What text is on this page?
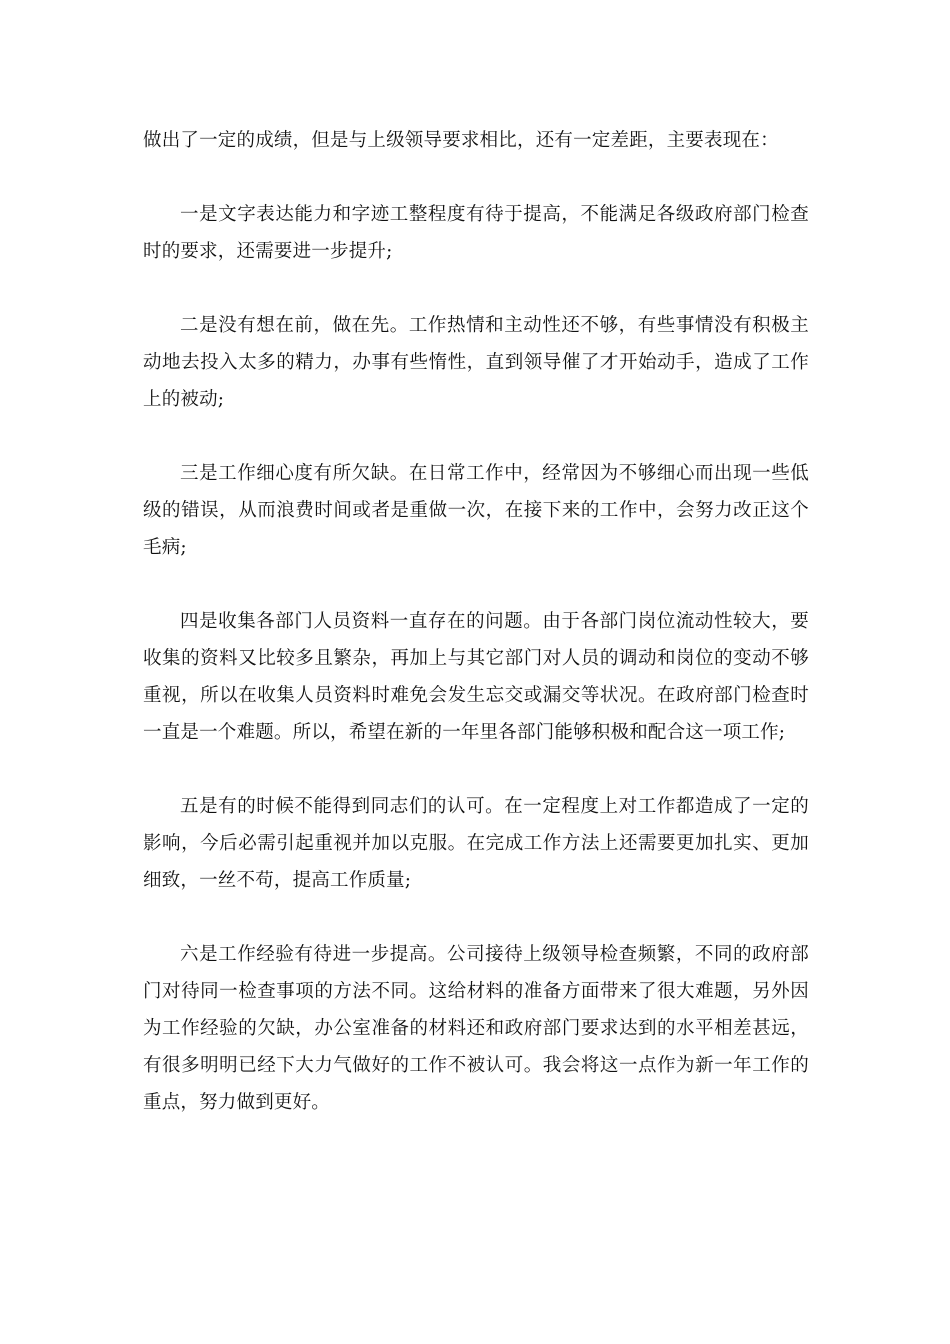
做出了一定的成绩，但是与上级领导要求相比，还有一定差距，主要表现在：

一是文字表达能力和字迹工整程度有待于提高，不能满足各级政府部门检查时的要求，还需要进一步提升;

二是没有想在前，做在先。工作热情和主动性还不够，有些事情没有积极主动地去投入太多的精力，办事有些惰性，直到领导催了才开始动手，造成了工作上的被动;

三是工作细心度有所欠缺。在日常工作中，经常因为不够细心而出现一些低级的错误，从而浪费时间或者是重做一次，在接下来的工作中，会努力改正这个毛病;

四是收集各部门人员资料一直存在的问题。由于各部门岗位流动性较大，要收集的资料又比较多且繁杂，再加上与其它部门对人员的调动和岗位的变动不够重视，所以在收集人员资料时难免会发生忘交或漏交等状况。在政府部门检查时一直是一个难题。所以，希望在新的一年里各部门能够积极和配合这一项工作;

五是有的时候不能得到同志们的认可。在一定程度上对工作都造成了一定的影响，今后必需引起重视并加以克服。在完成工作方法上还需要更加扎实、更加细致，一丝不苟，提高工作质量;

六是工作经验有待进一步提高。公司接待上级领导检查频繁，不同的政府部门对待同一检查事项的方法不同。这给材料的准备方面带来了很大难题，另外因为工作经验的欠缺，办公室准备的材料还和政府部门要求达到的水平相差甚远，有很多明明已经下大力气做好的工作不被认可。我会将这一点作为新一年工作的重点，努力做到更好。
